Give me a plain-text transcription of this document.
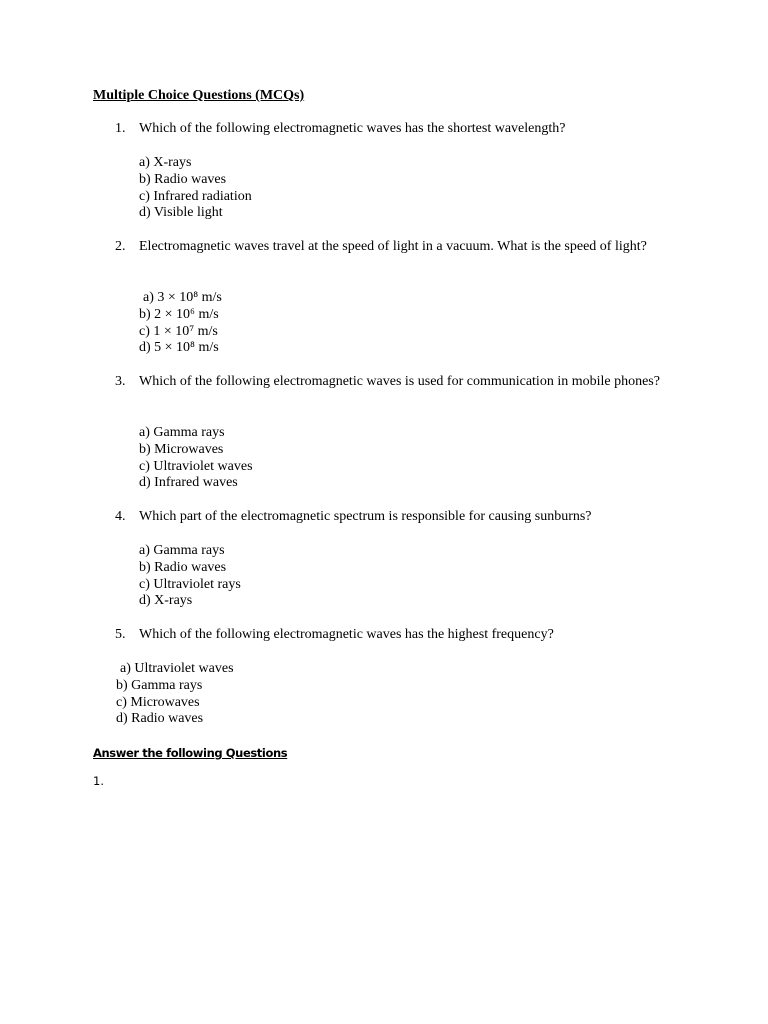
Multiple Choice Questions (MCQs)

1. Which of the following electromagnetic waves has the shortest wavelength?
a) X-rays
b) Radio waves
c) Infrared radiation
d) Visible light
2. Electromagnetic waves travel at the speed of light in a vacuum. What is the speed of light?
a) 3 × 10⁸ m/s
b) 2 × 10⁶ m/s
c) 1 × 10⁷ m/s
d) 5 × 10⁸ m/s
3. Which of the following electromagnetic waves is used for communication in mobile phones?
a) Gamma rays
b) Microwaves
c) Ultraviolet waves
d) Infrared waves
4. Which part of the electromagnetic spectrum is responsible for causing sunburns?
a) Gamma rays
b) Radio waves
c) Ultraviolet rays
d) X-rays
5. Which of the following electromagnetic waves has the highest frequency?
a) Ultraviolet waves
b) Gamma rays
c) Microwaves
d) Radio waves
Answer the following Questions
1.
